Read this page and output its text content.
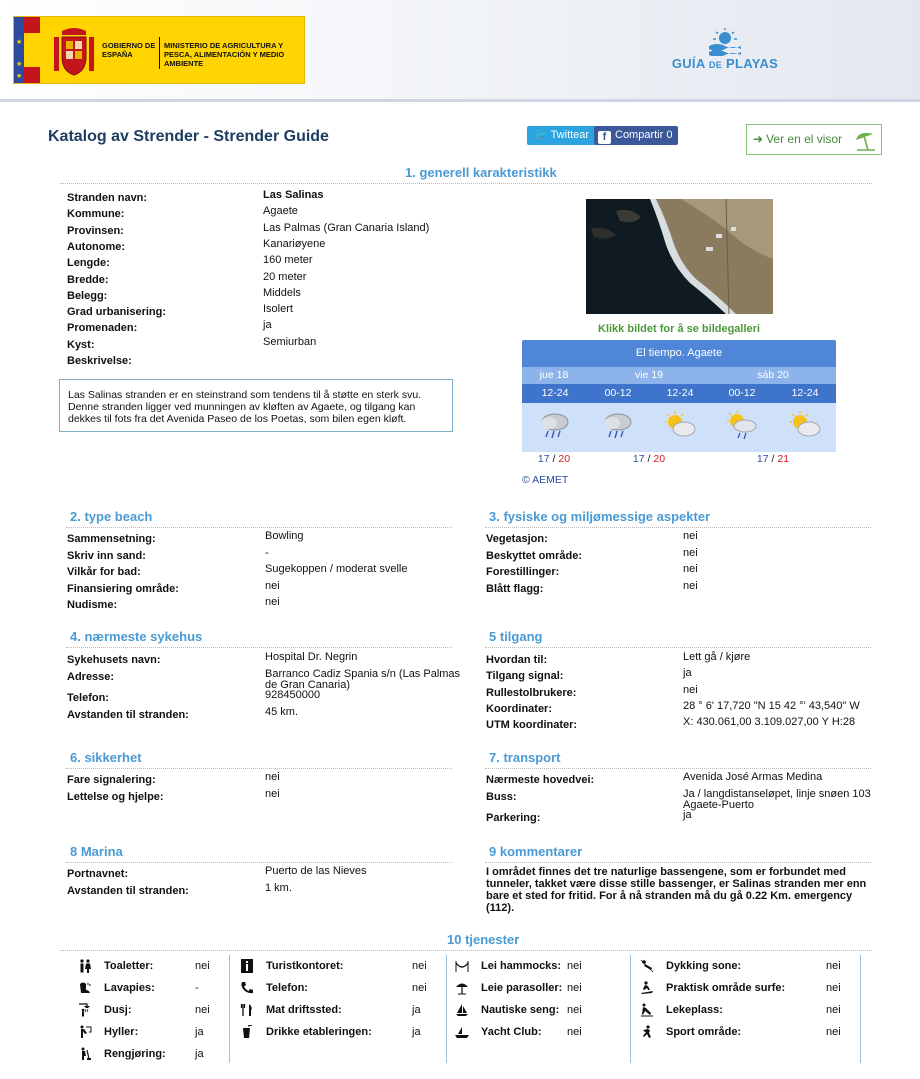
★
★
★
GOBIERNO DE ESPAÑA
MINISTERIO DE AGRICULTURA Y PESCA, ALIMENTACIÓN Y MEDIO AMBIENTE	GUÍA DE PLAYAS
Katalog av Strender - Strender Guide	🐦 Twittear	f Compartir 0	➜ Ver en el visor
1. generell karakteristikk
Stranden navn:	Las Salinas
Kommune:	Agaete
Provinsen:	Las Palmas (Gran Canaria Island)
Autonome:	Kanariøyene
Lengde:	160 meter
Bredde:	20 meter
Belegg:	Middels
Grad urbanisering:	Isolert
Promenaden:	ja
Kyst:	Semiurban
Beskrivelse:
Las Salinas stranden er en steinstrand som tendens til å støtte en sterk svu. Denne stranden ligger ved munningen av kløften av Agaete, og tilgang kan dekkes til fots fra det Avenida Paseo de los Poetas, som bilen egen kløft.
Klikk bildet for å se bildegalleri
El tiempo. Agaete
jue 18	vie 19	sáb 20
12-24	00-12	12-24	00-12	12-24
17 / 20	17 / 20	17 / 21
© AEMET
2. type beach
Sammensetning:	Bowling
Skriv inn sand:	-
Vilkår for bad:	Sugekoppen / moderat svelle
Finansiering område:	nei
Nudisme:	nei
3. fysiske og miljømessige aspekter
Vegetasjon:	nei
Beskyttet område:	nei
Forestillinger:	nei
Blått flagg:	nei
4. nærmeste sykehus
Sykehusets navn:	Hospital Dr. Negrin
Adresse:	Barranco Cadiz Spania s/n (Las Palmas
de Gran Canaria)
Telefon:	928450000
Avstanden til stranden:	45 km.
5 tilgang
Hvordan til:	Lett gå / kjøre
Tilgang signal:	ja
Rullestolbrukere:	nei
Koordinater:	28 ° 6' 17,720 "N 15 42 °' 43,540" W
UTM koordinater:	X: 430.061,00 3.109.027,00 Y H:28
6. sikkerhet
Fare signalering:	nei
Lettelse og hjelpe:	nei
7. transport
Nærmeste hovedvei:	Avenida José Armas Medina
Buss:	Ja / langdistanseløpet, linje snøen 103
Agaete-Puerto
Parkering:	ja
8 Marina
Portnavnet:	Puerto de las Nieves
Avstanden til stranden:	1 km.
9 kommentarer
I området finnes det tre naturlige bassengene, som er forbundet med tunneler, takket være disse stille bassenger, er Salinas stranden mer enn bare et sted for fritid. For å nå stranden må du gå 0.22 Km. emergency (112).
10 tjenester
Toaletter:	nei
Lavapies:	-
Dusj:	nei
Hyller:	ja
Rengjøring:	ja
Turistkontoret:	nei
Telefon:	nei
Mat driftssted:	ja
Drikke etableringen:	ja
Lei hammocks: nei
Leie parasoller: nei
Nautiske seng: nei
Yacht Club: nei
Dykking sone:	nei
Praktisk område surfe:	nei
Lekeplass:	nei
Sport område:	nei
